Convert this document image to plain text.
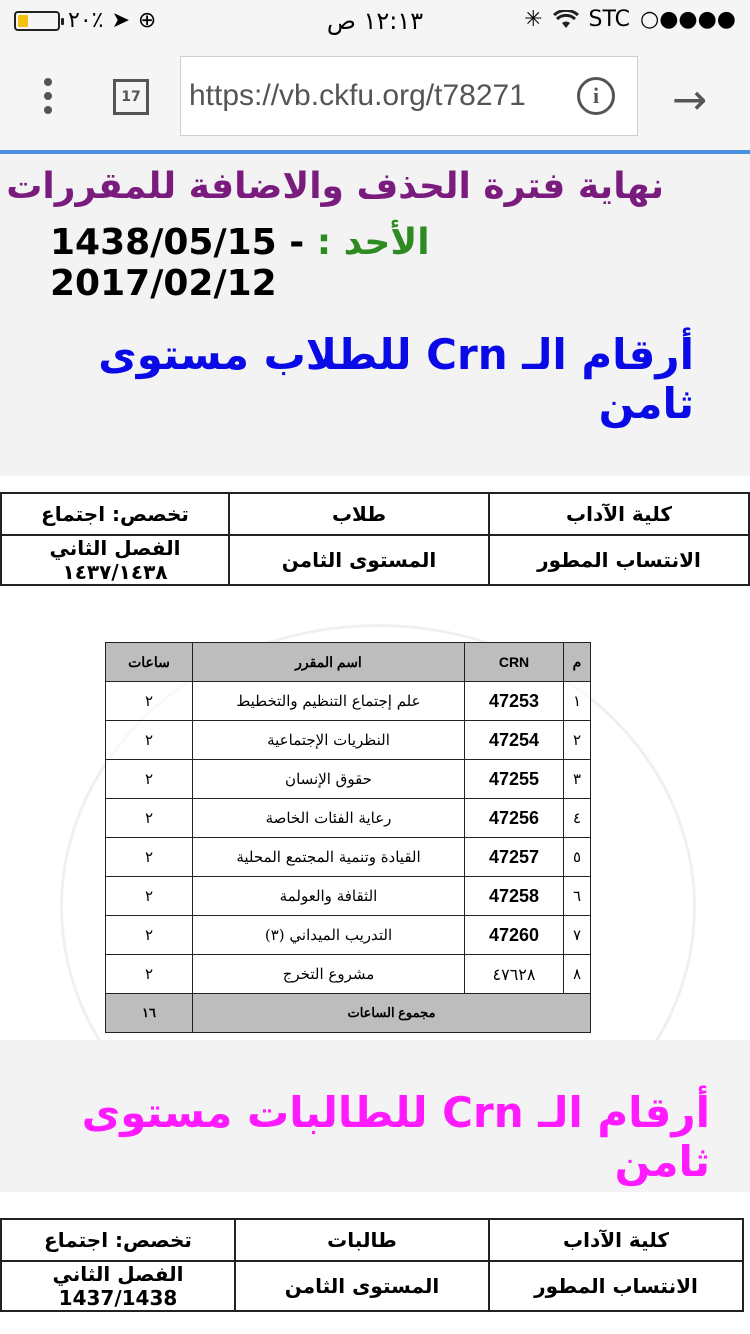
٢٠٪ ➤ ⊕	١٢:١٣ ص	✳ STC ○●●●●
17 https://vb.ckfu.org/t78271	i	→
نهاية فترة الحذف والاضافة للمقررات
الأحد : 1438/05/15 - 2017/02/12
أرقام الـ Crn للطلاب مستوى ثامن
كلية الآداب	طلاب	تخصص: اجتماع
الانتساب المطور	المستوى الثامن	الفصل الثاني ١٤٣٧/١٤٣٨
م	CRN	اسم المقرر	ساعات
١	47253	علم إجتماع التنظيم والتخطيط	٢
٢	47254	النظريات الإجتماعية	٢
٣	47255	حقوق الإنسان	٢
٤	47256	رعاية الفئات الخاصة	٢
٥	47257	القيادة وتنمية المجتمع المحلية	٢
٦	47258	الثقافة والعولمة	٢
٧	47260	التدريب الميداني (٣)	٢
٨	٤٧٦٢٨	مشروع التخرج	٢
مجموع الساعات			١٦
أرقام الـ Crn للطالبات مستوى ثامن
كلية الآداب	طالبات	تخصص: اجتماع
الانتساب المطور	المستوى الثامن	الفصل الثاني 1437/1438
